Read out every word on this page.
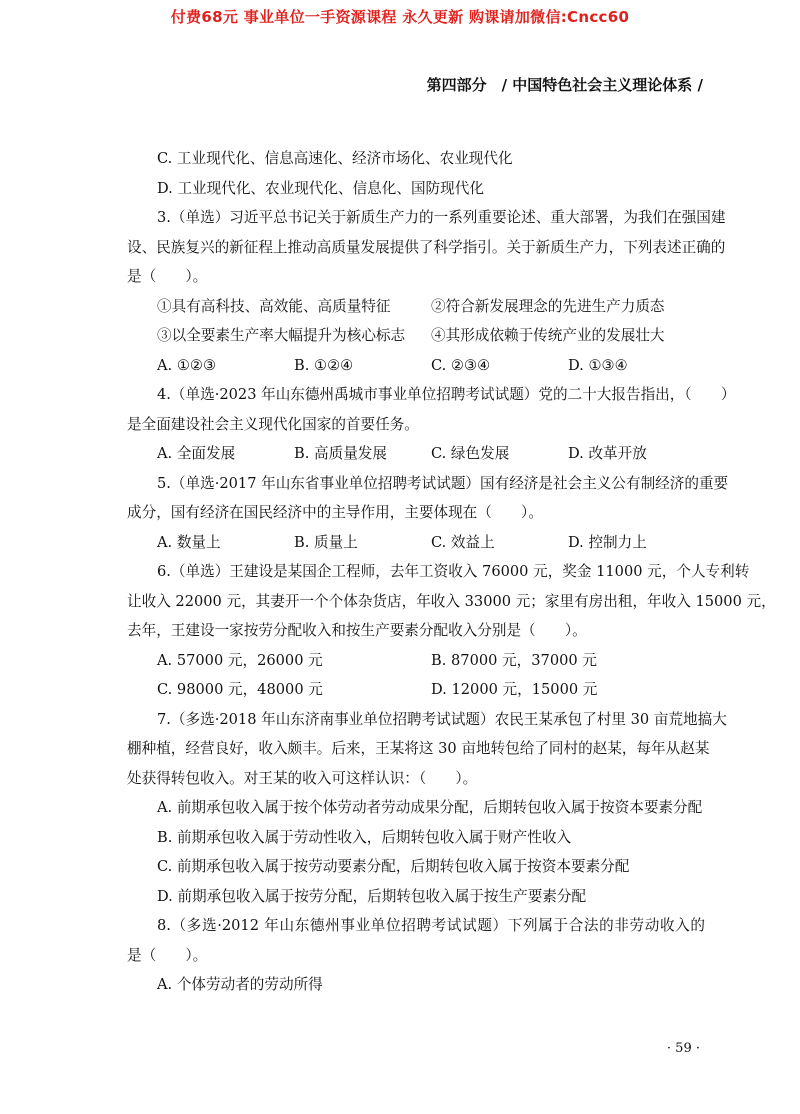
付费68元 事业单位一手资源课程 永久更新 购课请加微信:Cncc60
第四部分　/ 中国特色社会主义理论体系 /
C. 工业现代化、信息高速化、经济市场化、农业现代化
D. 工业现代化、农业现代化、信息化、国防现代化
3.（单选）习近平总书记关于新质生产力的一系列重要论述、重大部署，为我们在强国建
设、民族复兴的新征程上推动高质量发展提供了科学指引。关于新质生产力，下列表述正确的
是（　　）。
①具有高科技、高效能、高质量特征	②符合新发展理念的先进生产力质态
③以全要素生产率大幅提升为核心标志	④其形成依赖于传统产业的发展壮大
A. ①②③	B. ①②④	C. ②③④	D. ①③④
4.（单选·2023 年山东德州禹城市事业单位招聘考试试题）党的二十大报告指出，（　　）
是全面建设社会主义现代化国家的首要任务。
A. 全面发展	B. 高质量发展	C. 绿色发展	D. 改革开放
5.（单选·2017 年山东省事业单位招聘考试试题）国有经济是社会主义公有制经济的重要
成分，国有经济在国民经济中的主导作用，主要体现在（　　）。
A. 数量上	B. 质量上	C. 效益上	D. 控制力上
6.（单选）王建设是某国企工程师，去年工资收入 76000 元，奖金 11000 元，个人专利转
让收入 22000 元，其妻开一个个体杂货店，年收入 33000 元；家里有房出租，年收入 15000 元，
去年，王建设一家按劳分配收入和按生产要素分配收入分别是（　　）。
A. 57000 元，26000 元	B. 87000 元，37000 元
C. 98000 元，48000 元	D. 12000 元，15000 元
7.（多选·2018 年山东济南事业单位招聘考试试题）农民王某承包了村里 30 亩荒地搞大
棚种植，经营良好，收入颇丰。后来，王某将这 30 亩地转包给了同村的赵某，每年从赵某
处获得转包收入。对王某的收入可这样认识：（　　）。
A. 前期承包收入属于按个体劳动者劳动成果分配，后期转包收入属于按资本要素分配
B. 前期承包收入属于劳动性收入，后期转包收入属于财产性收入
C. 前期承包收入属于按劳动要素分配，后期转包收入属于按资本要素分配
D. 前期承包收入属于按劳分配，后期转包收入属于按生产要素分配
8.（多选·2012 年山东德州事业单位招聘考试试题）下列属于合法的非劳动收入的
是（　　）。
A. 个体劳动者的劳动所得
· 59 ·
